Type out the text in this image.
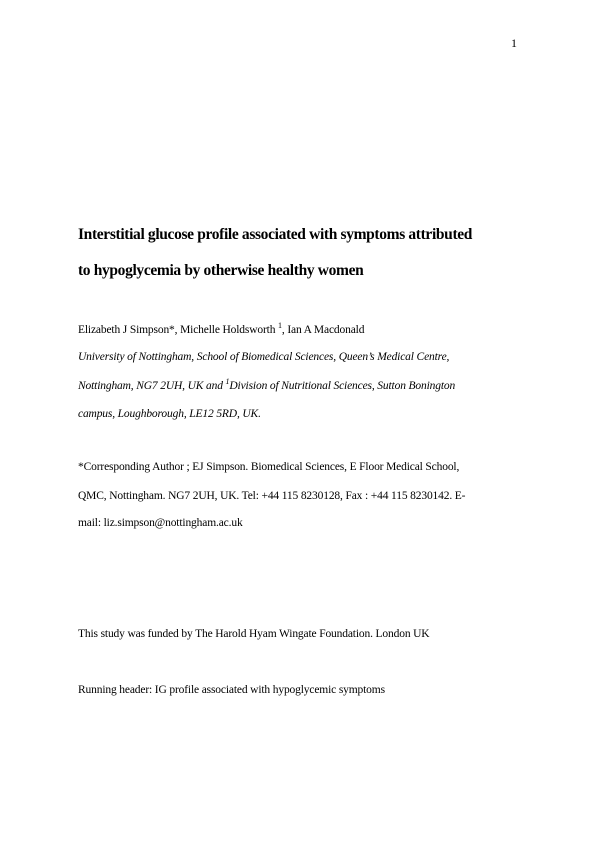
1
Interstitial glucose profile associated with symptoms attributed
to hypoglycemia by otherwise healthy women
Elizabeth J Simpson*, Michelle Holdsworth $^1$, Ian A Macdonald
University of Nottingham, School of Biomedical Sciences, Queen’s Medical Centre,
Nottingham, NG7 2UH, UK and $^1$Division of Nutritional Sciences, Sutton Bonington
campus, Loughborough, LE12 5RD, UK.
*Corresponding Author ; EJ Simpson. Biomedical Sciences, E Floor Medical School,
QMC, Nottingham. NG7 2UH, UK. Tel: +44 115 8230128, Fax : +44 115 8230142. E-
mail: liz.simpson@nottingham.ac.uk
This study was funded by The Harold Hyam Wingate Foundation. London UK
Running header: IG profile associated with hypoglycemic symptoms
